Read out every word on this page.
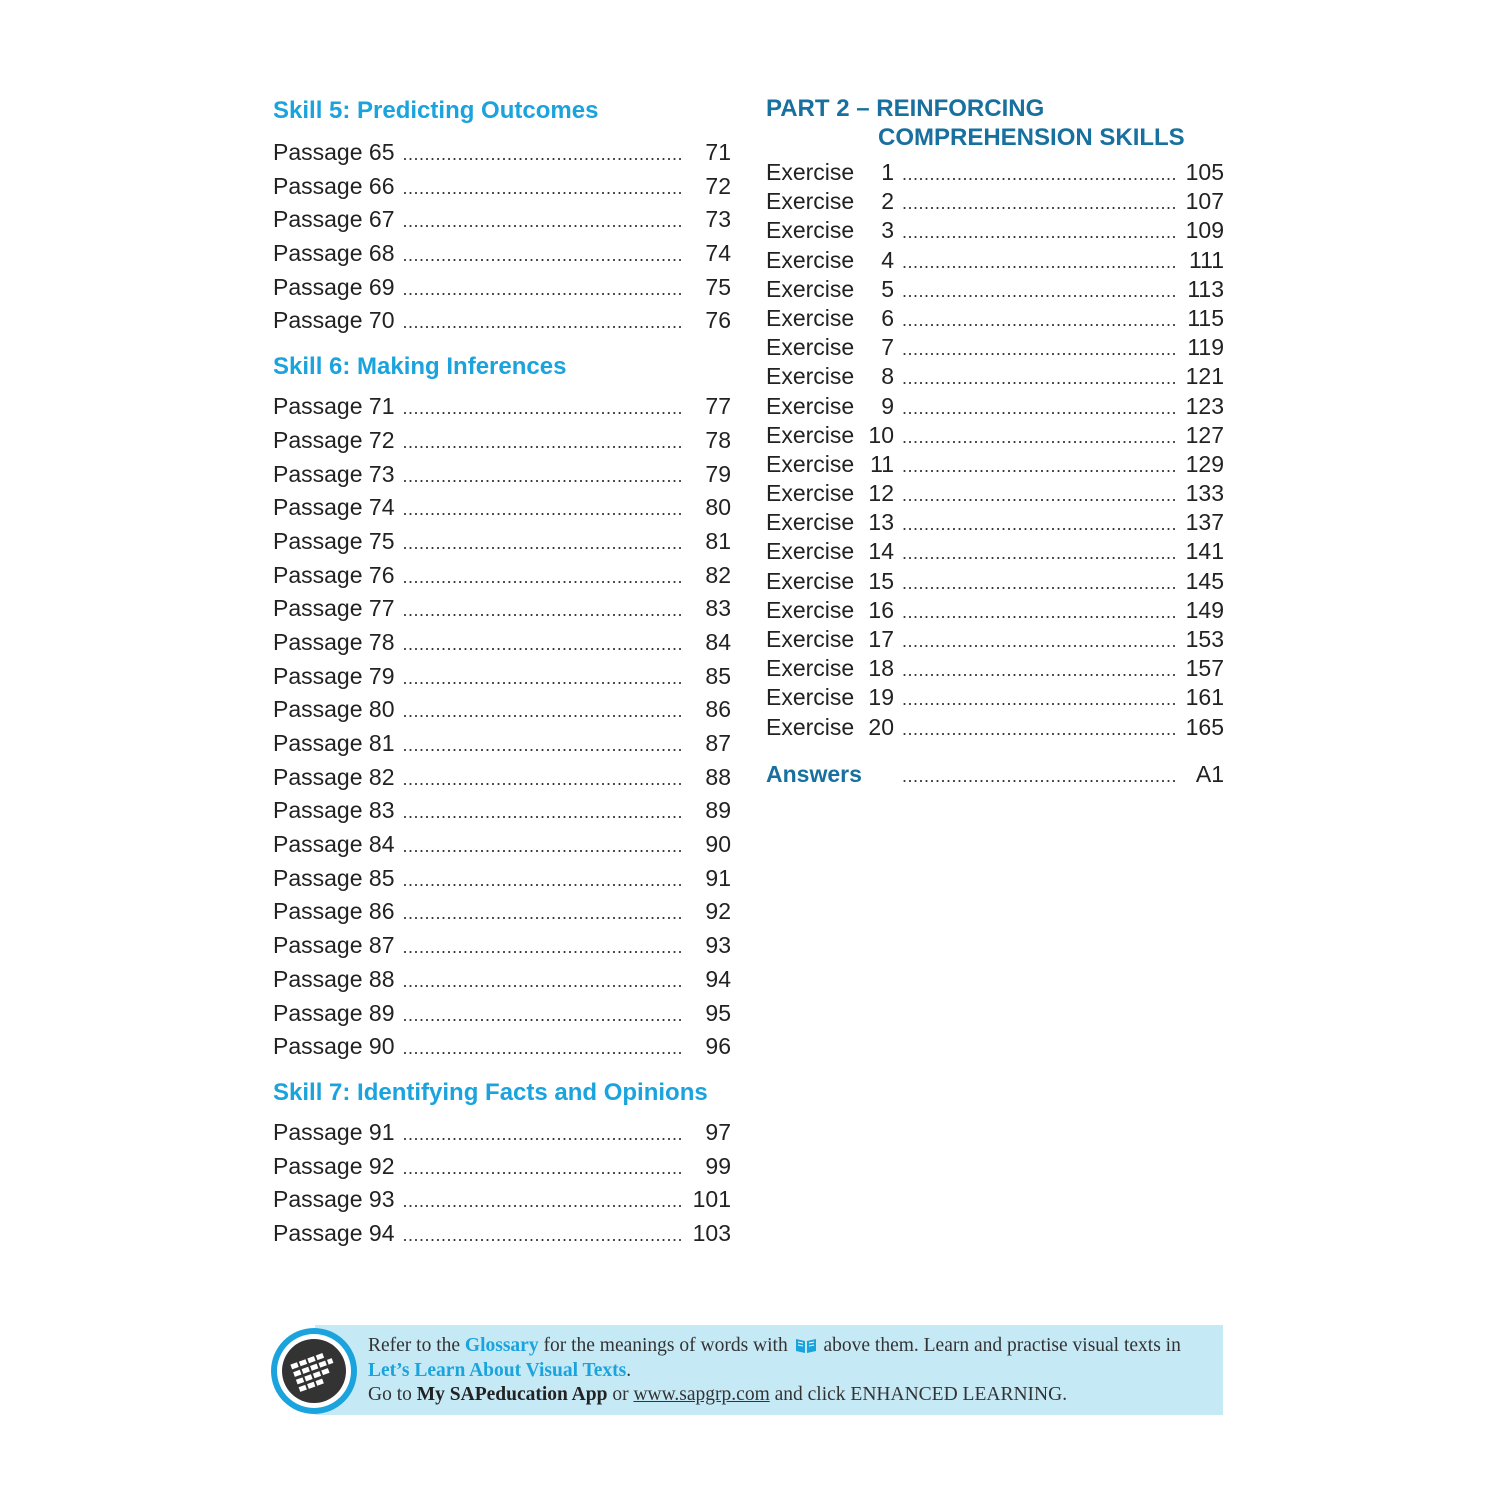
Skill 5: Predicting Outcomes
Passage 65 .....	71
Passage 66 .....	72
Passage 67 .....	73
Passage 68 .....	74
Passage 69 .....	75
Passage 70 .....	76
Skill 6: Making Inferences
Passage 71 .....	77
Passage 72 .....	78
Passage 73 .....	79
Passage 74 .....	80
Passage 75 .....	81
Passage 76 .....	82
Passage 77 .....	83
Passage 78 .....	84
Passage 79 .....	85
Passage 80 .....	86
Passage 81 .....	87
Passage 82 .....	88
Passage 83 .....	89
Passage 84 .....	90
Passage 85 .....	91
Passage 86 .....	92
Passage 87 .....	93
Passage 88 .....	94
Passage 89 .....	95
Passage 90 .....	96
Skill 7: Identifying Facts and Opinions
Passage 91 .....	97
Passage 92 .....	99
Passage 93 .....	101
Passage 94 .....	103
PART 2 – REINFORCING
COMPREHENSION SKILLS
Exercise 1 .....	105
Exercise 2 .....	107
Exercise 3 .....	109
Exercise 4 .....	111
Exercise 5 .....	113
Exercise 6 .....	115
Exercise 7 .....	119
Exercise 8 .....	121
Exercise 9 .....	123
Exercise 10 .....	127
Exercise 11 .....	129
Exercise 12 .....	133
Exercise 13 .....	137
Exercise 14 .....	141
Exercise 15 .....	145
Exercise 16 .....	149
Exercise 17 .....	153
Exercise 18 .....	157
Exercise 19 .....	161
Exercise 20 .....	165
Answers .....	A1
Refer to the Glossary for the meanings of words with  above them. Learn and practise visual texts in Let’s Learn About Visual Texts.
Go to My SAPeducation App or www.sapgrp.com and click ENHANCED LEARNING.
